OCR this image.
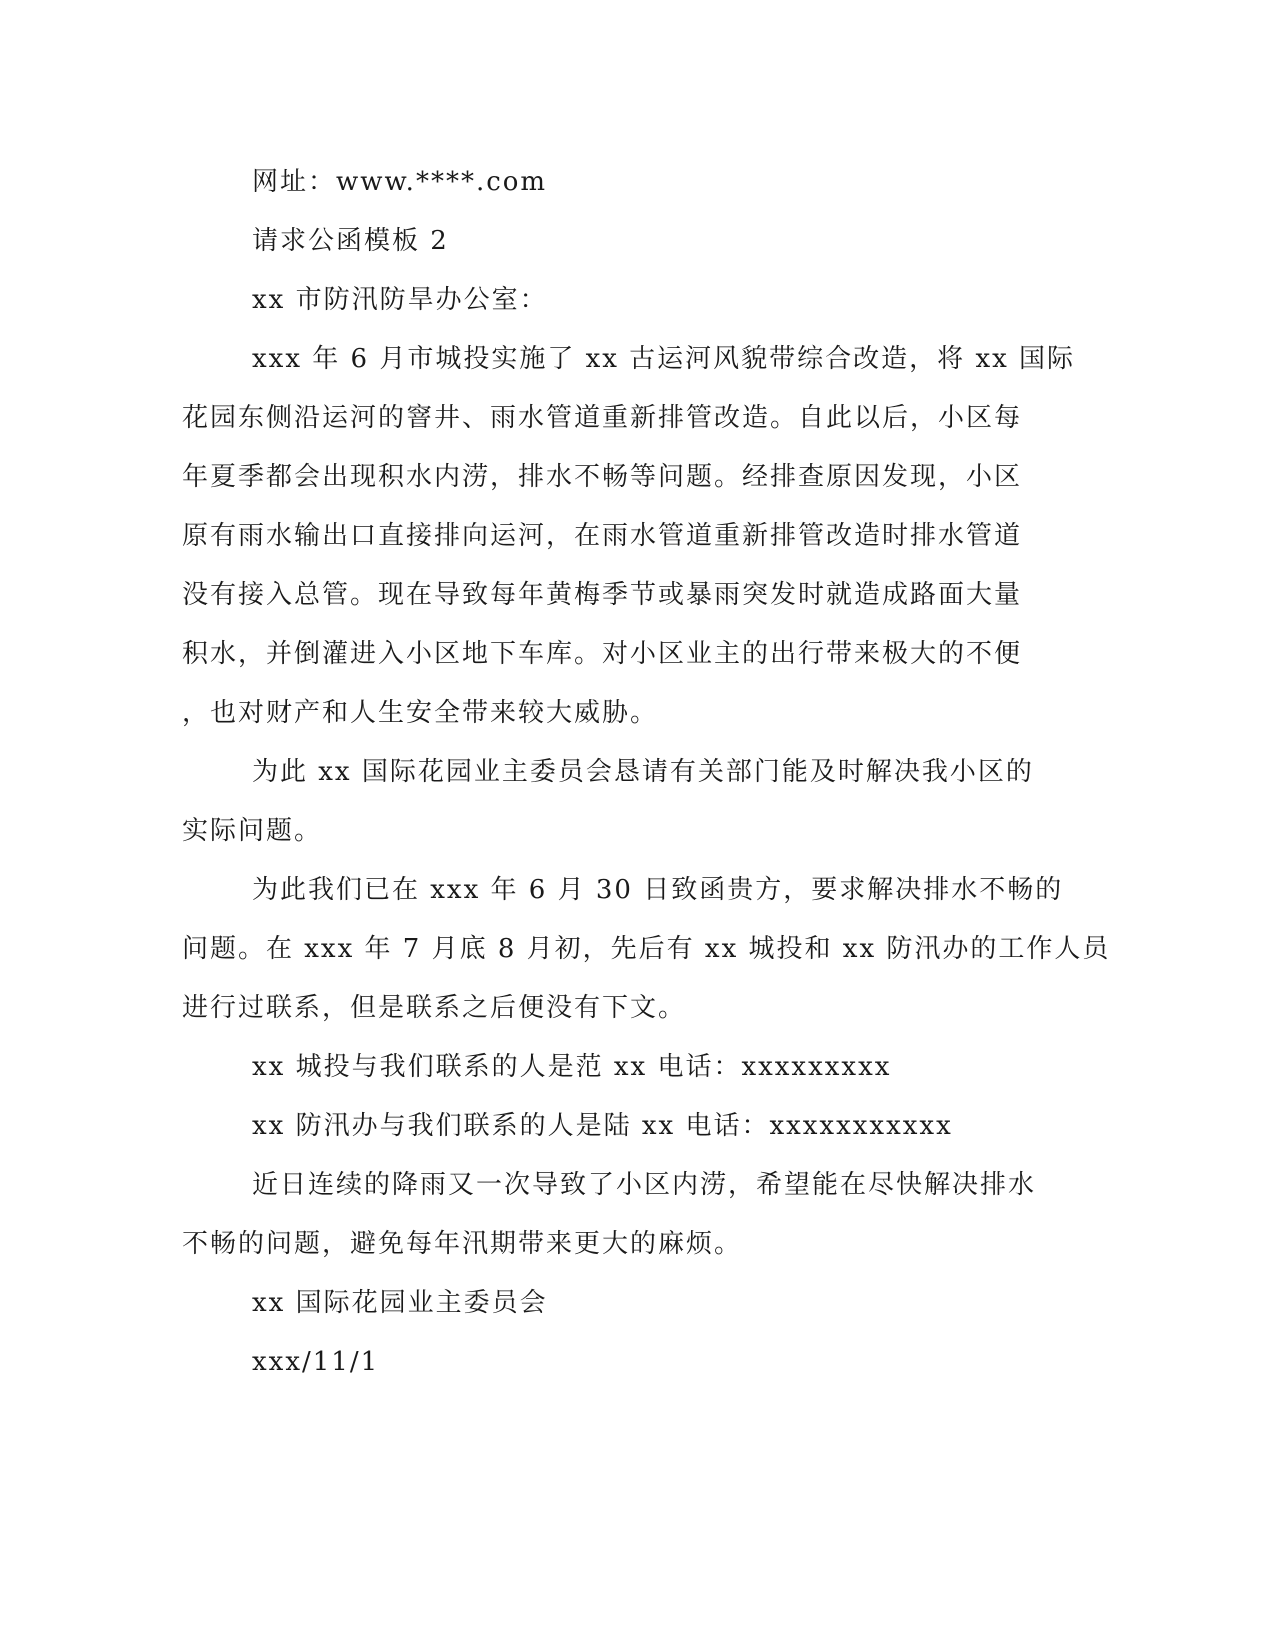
网址：www.****.com
请求公函模板 2
xx 市防汛防旱办公室：
xxx 年 6 月市城投实施了 xx 古运河风貌带综合改造，将 xx 国际
花园东侧沿运河的窨井、雨水管道重新排管改造。自此以后，小区每
年夏季都会出现积水内涝，排水不畅等问题。经排查原因发现，小区
原有雨水输出口直接排向运河，在雨水管道重新排管改造时排水管道
没有接入总管。现在导致每年黄梅季节或暴雨突发时就造成路面大量
积水，并倒灌进入小区地下车库。对小区业主的出行带来极大的不便
，也对财产和人生安全带来较大威胁。
为此 xx 国际花园业主委员会恳请有关部门能及时解决我小区的
实际问题。
为此我们已在 xxx 年 6 月 30 日致函贵方，要求解决排水不畅的
问题。在 xxx 年 7 月底 8 月初，先后有 xx 城投和 xx 防汛办的工作人员
进行过联系，但是联系之后便没有下文。
xx 城投与我们联系的人是范 xx 电话：xxxxxxxxx
xx 防汛办与我们联系的人是陆 xx 电话：xxxxxxxxxxx
近日连续的降雨又一次导致了小区内涝，希望能在尽快解决排水
不畅的问题，避免每年汛期带来更大的麻烦。
xx 国际花园业主委员会
xxx/11/1
